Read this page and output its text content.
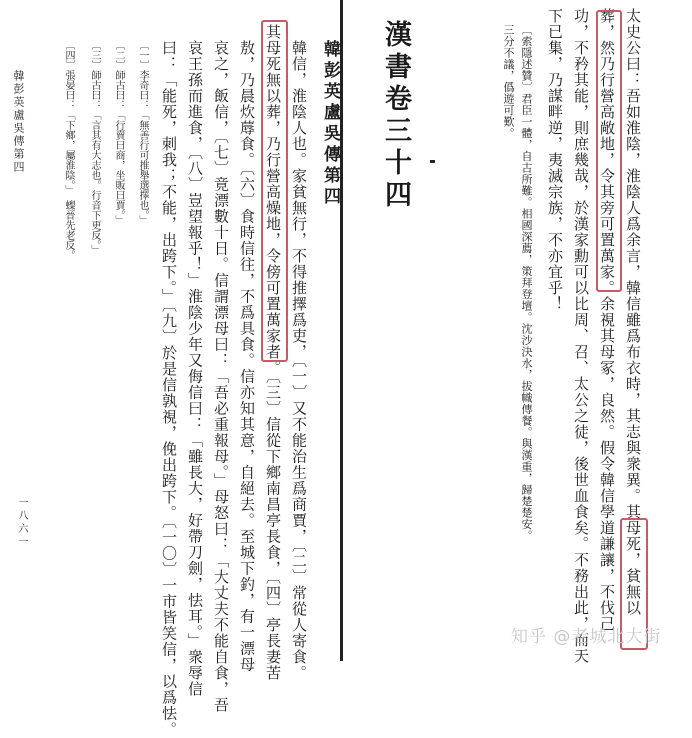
韓彭英盧吳傳第四
一八六一
〔四〕張晏曰：「下鄉，屬淮陰。」　蟍晉先老反。 〔三〕師古曰：「言其有大志也。行音下更反。」 〔二〕師古曰：「行賣曰商，坐販曰賈。」 〔一〕李奇曰：「無善行可推舉選擇也。」 曰：「能死，刺我；不能，出跨下。」〔九〕於是信孰視，俛出跨下。〔一〇〕一市皆笑信，以爲怯。 哀王孫而進食，〔八〕豈望報乎！」淮陰少年又侮信曰：「雖長大，好帶刀劍，怯耳。」衆辱信 哀之，飯信，〔七〕竟漂數十日。信謂漂母曰：「吾必重報母。」母怒曰：「大丈夫不能自食，吾 敖，乃晨炊蓐食。〔六〕食時信往，不爲具食。信亦知其意，自絕去。至城下釣，有一漂母 其母死無以葬，乃行營高燥地，令傍可置萬家者。〔三〕信從下鄉南昌亭長食，〔四〕亭長妻苦 韓信，淮陰人也。家貧無行，不得推擇爲吏，〔一〕又不能治生爲商賈，〔二〕常從人寄食。 韓彭英盧吳傳第四 漢書卷三十四	三分不議，僞遊可歎。 〔索隱述贊〕君臣一體，自古所難。相國深薦，策拜登壇。沈沙決水，拔幟傳餐。與漢重，歸楚楚安。 下已集，乃謀畔逆，夷滅宗族，不亦宜乎！ 功，不矜其能，則庶幾哉，於漢家勳可以比周、召、太公之徒，後世血食矣。不務出此，而天 葬，然乃行營高敞地，令其旁可置萬家。余視其母冢，良然。假令韓信學道謙讓，不伐己 太史公曰：吾如淮陰，淮陰人爲余言，韓信雖爲布衣時，其志與衆異。其母死，貧無以
知乎 @老城北大街
